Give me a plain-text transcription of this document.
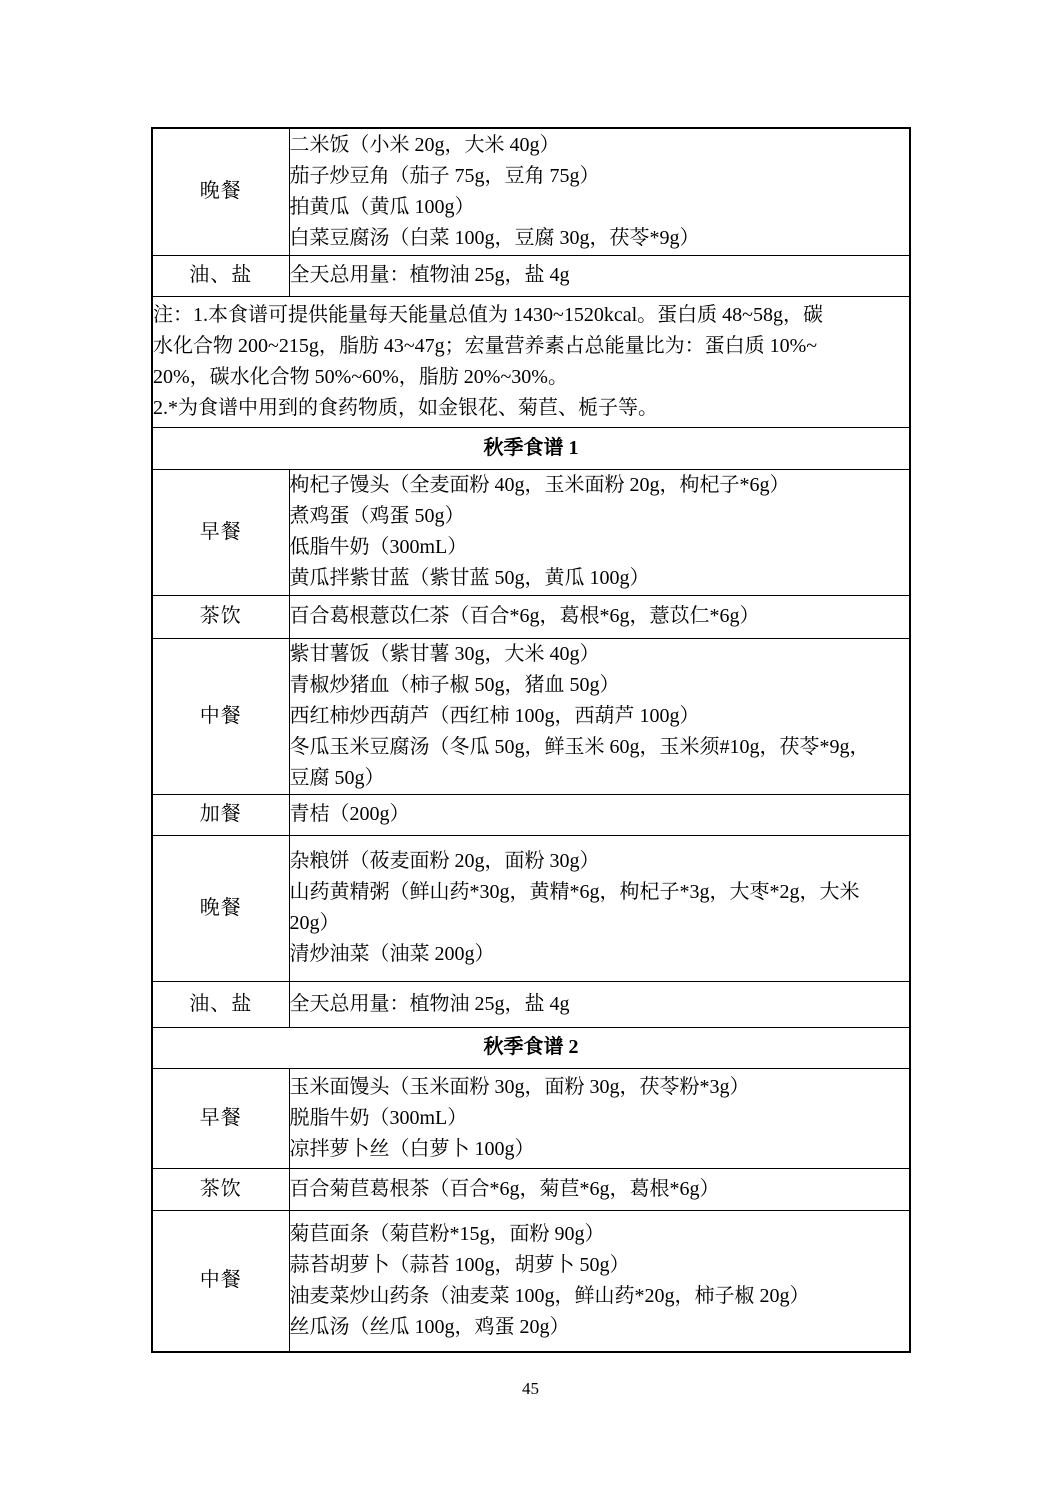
晚餐	二米饭（小米 20g，大米 40g）
茄子炒豆角（茄子 75g，豆角 75g）
拍黄瓜（黄瓜 100g）
白菜豆腐汤（白菜 100g，豆腐 30g，茯苓*9g）

油、盐	全天总用量：植物油 25g，盐 4g

注：1.本食谱可提供能量每天能量总值为 1430~1520kcal。蛋白质 48~58g，碳
水化合物 200~215g，脂肪 43~47g；宏量营养素占总能量比为：蛋白质 10%~
20%，碳水化合物 50%~60%，脂肪 20%~30%。
2.*为食谱中用到的食药物质，如金银花、菊苣、栀子等。	

秋季食谱 1	
早餐	枸杞子馒头（全麦面粉 40g，玉米面粉 20g，枸杞子*6g）
煮鸡蛋（鸡蛋 50g）
低脂牛奶（300mL）
黄瓜拌紫甘蓝（紫甘蓝 50g，黄瓜 100g）

茶饮	百合葛根薏苡仁茶（百合*6g，葛根*6g，薏苡仁*6g）

中餐	紫甘薯饭（紫甘薯 30g，大米 40g）
青椒炒猪血（柿子椒 50g，猪血 50g）
西红柿炒西葫芦（西红柿 100g，西葫芦 100g）
冬瓜玉米豆腐汤（冬瓜 50g，鲜玉米 60g，玉米须#10g，茯苓*9g，
豆腐 50g）

加餐	青桔（200g）

晚餐	杂粮饼（莜麦面粉 20g，面粉 30g）
山药黄精粥（鲜山药*30g，黄精*6g，枸杞子*3g，大枣*2g，大米
20g）
清炒油菜（油菜 200g）

油、盐	全天总用量：植物油 25g，盐 4g

秋季食谱 2	
早餐	玉米面馒头（玉米面粉 30g，面粉 30g，茯苓粉*3g）
脱脂牛奶（300mL）
凉拌萝卜丝（白萝卜 100g）

茶饮	百合菊苣葛根茶（百合*6g，菊苣*6g，葛根*6g）

中餐	菊苣面条（菊苣粉*15g，面粉 90g）
蒜苔胡萝卜（蒜苔 100g，胡萝卜 50g）
油麦菜炒山药条（油麦菜 100g，鲜山药*20g，柿子椒 20g）
丝瓜汤（丝瓜 100g，鸡蛋 20g）
45
